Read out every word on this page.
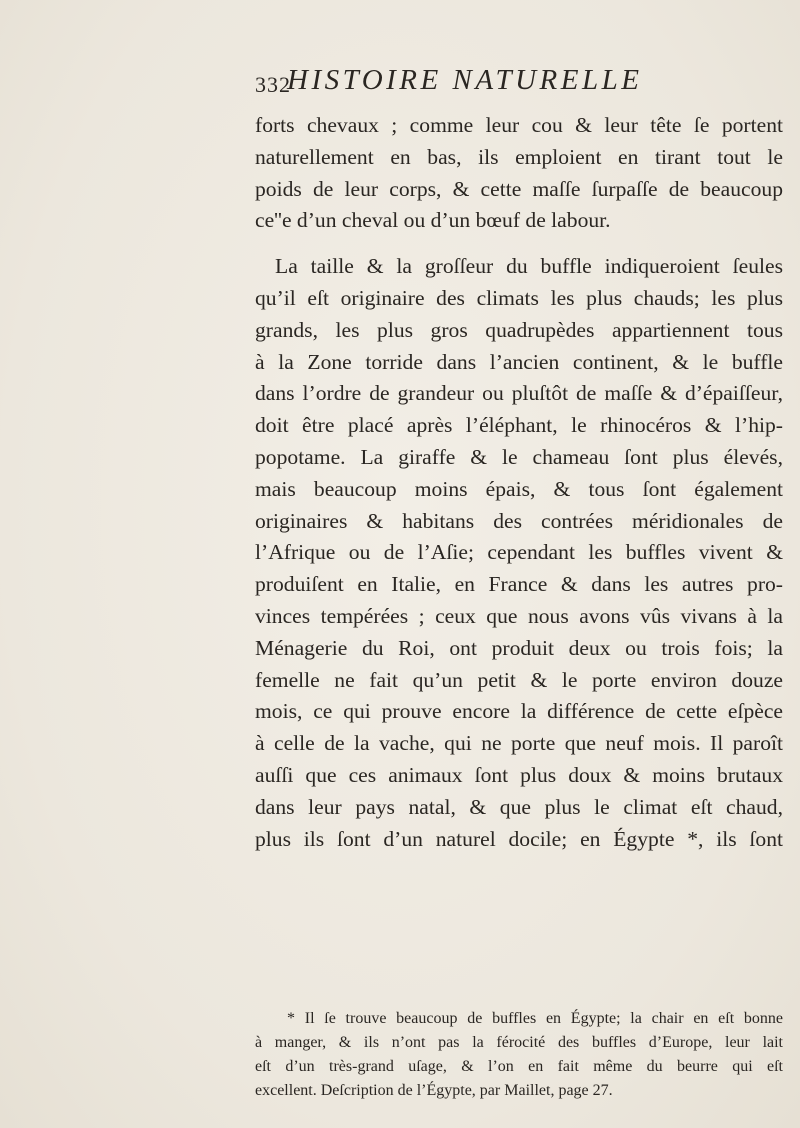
332
HISTOIRE NATURELLE
forts chevaux ; comme leur cou & leur tête ſe portent
naturellement en bas, ils emploient en tirant tout le
poids de leur corps, & cette maſſe ſurpaſſe de beaucoup
ce''e d’un cheval ou d’un bœuf de labour.
La taille & la groſſeur du buffle indiqueroient ſeules
qu’il eſt originaire des climats les plus chauds; les plus
grands, les plus gros quadrupèdes appartiennent tous
à la Zone torride dans l’ancien continent, & le buffle
dans l’ordre de grandeur ou pluſtôt de maſſe & d’épaiſſeur,
doit être placé après l’éléphant, le rhinocéros & l’hip-
popotame. La giraffe & le chameau ſont plus élevés,
mais beaucoup moins épais, & tous ſont également
originaires & habitans des contrées méridionales de
l’Afrique ou de l’Aſie; cependant les buffles vivent &
produiſent en Italie, en France & dans les autres pro-
vinces tempérées ; ceux que nous avons vûs vivans à la
Ménagerie du Roi, ont produit deux ou trois fois; la
femelle ne fait qu’un petit & le porte environ douze
mois, ce qui prouve encore la différence de cette eſpèce
à celle de la vache, qui ne porte que neuf mois. Il paroît
auſſi que ces animaux ſont plus doux & moins brutaux
dans leur pays natal, & que plus le climat eſt chaud,
plus ils ſont d’un naturel docile; en Égypte *, ils ſont
* Il ſe trouve beaucoup de buffles en Égypte; la chair en eſt bonne
à manger, & ils n’ont pas la férocité des buffles d’Europe, leur lait
eſt d’un très-grand uſage, & l’on en fait même du beurre qui eſt
excellent. Deſcription de l’Égypte, par Maillet, page 27.
